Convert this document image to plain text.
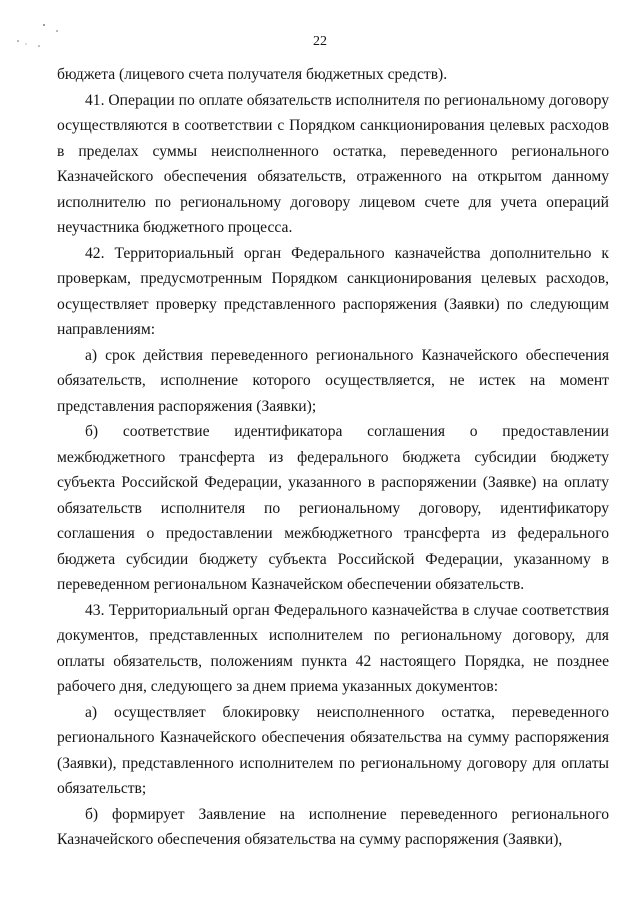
22

бюджета (лицевого счета получателя бюджетных средств).

41. Операции по оплате обязательств исполнителя по региональному договору осуществляются в соответствии с Порядком санкционирования целевых расходов в пределах суммы неисполненного остатка, переведенного регионального Казначейского обеспечения обязательств, отраженного на открытом данному исполнителю по региональному договору лицевом счете для учета операций неучастника бюджетного процесса.

42. Территориальный орган Федерального казначейства дополнительно к проверкам, предусмотренным Порядком санкционирования целевых расходов, осуществляет проверку представленного распоряжения (Заявки) по следующим направлениям:

а) срок действия переведенного регионального Казначейского обеспечения обязательств, исполнение которого осуществляется, не истек на момент представления распоряжения (Заявки);

б) соответствие идентификатора соглашения о предоставлении межбюджетного трансферта из федерального бюджета субсидии бюджету субъекта Российской Федерации, указанного в распоряжении (Заявке) на оплату обязательств исполнителя по региональному договору, идентификатору соглашения о предоставлении межбюджетного трансферта из федерального бюджета субсидии бюджету субъекта Российской Федерации, указанному в переведенном региональном Казначейском обеспечении обязательств.

43. Территориальный орган Федерального казначейства в случае соответствия документов, представленных исполнителем по региональному договору, для оплаты обязательств, положениям пункта 42 настоящего Порядка, не позднее рабочего дня, следующего за днем приема указанных документов:

а) осуществляет блокировку неисполненного остатка, переведенного регионального Казначейского обеспечения обязательства на сумму распоряжения (Заявки), представленного исполнителем по региональному договору для оплаты обязательств;

б) формирует Заявление на исполнение переведенного регионального Казначейского обеспечения обязательства на сумму распоряжения (Заявки),
